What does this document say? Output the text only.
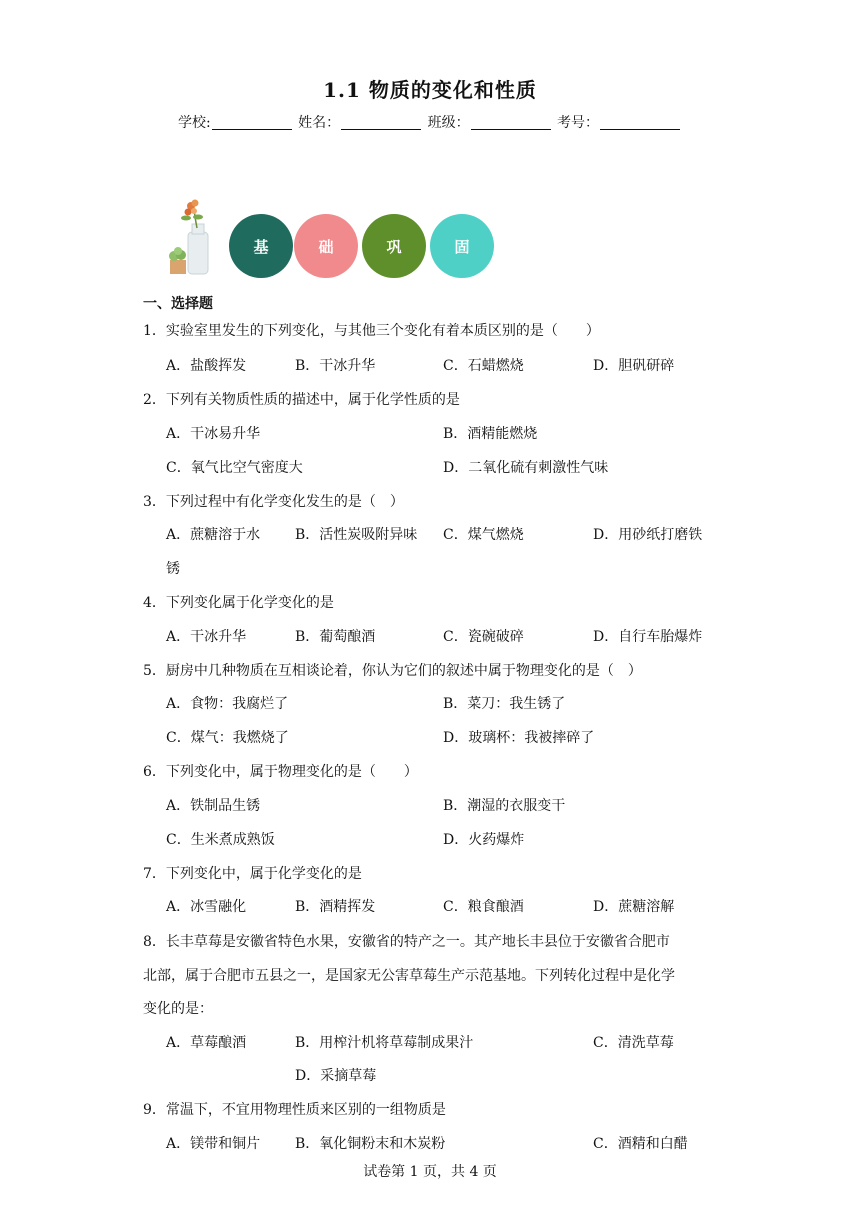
1.1 物质的变化和性质
学校:	姓名：	班级：	考号：
基	础	巩	固
一、选择题
1．实验室里发生的下列变化，与其他三个变化有着本质区别的是（　　）
A．盐酸挥发	B．干冰升华	C．石蜡燃烧	D．胆矾研碎
2．下列有关物质性质的描述中，属于化学性质的是
A．干冰易升华	B．酒精能燃烧
C．氧气比空气密度大	D．二氧化硫有刺激性气味
3．下列过程中有化学变化发生的是（　）
A．蔗糖溶于水 B．活性炭吸附异味 C．煤气燃烧	D．用砂纸打磨铁
锈
4．下列变化属于化学变化的是
A．干冰升华	B．葡萄酿酒	C．瓷碗破碎	D．自行车胎爆炸
5．厨房中几种物质在互相谈论着，你认为它们的叙述中属于物理变化的是（　）
A．食物：我腐烂了	B．菜刀：我生锈了
C．煤气：我燃烧了	D．玻璃杯：我被摔碎了
6．下列变化中，属于物理变化的是（　　）
A．铁制品生锈	B．潮湿的衣服变干
C．生米煮成熟饭	D．火药爆炸
7．下列变化中，属于化学变化的是
A．冰雪融化	B．酒精挥发	C．粮食酿酒	D．蔗糖溶解
8．长丰草莓是安徽省特色水果，安徽省的特产之一。其产地长丰县位于安徽省合肥市
北部，属于合肥市五县之一，是国家无公害草莓生产示范基地。下列转化过程中是化学
变化的是：
A．草莓酿酒	B．用榨汁机将草莓制成果汁	C．清洗草莓
D．采摘草莓
9．常温下，不宜用物理性质来区别的一组物质是
A．镁带和铜片 B．氧化铜粉末和木炭粉	C．酒精和白醋
试卷第 1 页，共 4 页
